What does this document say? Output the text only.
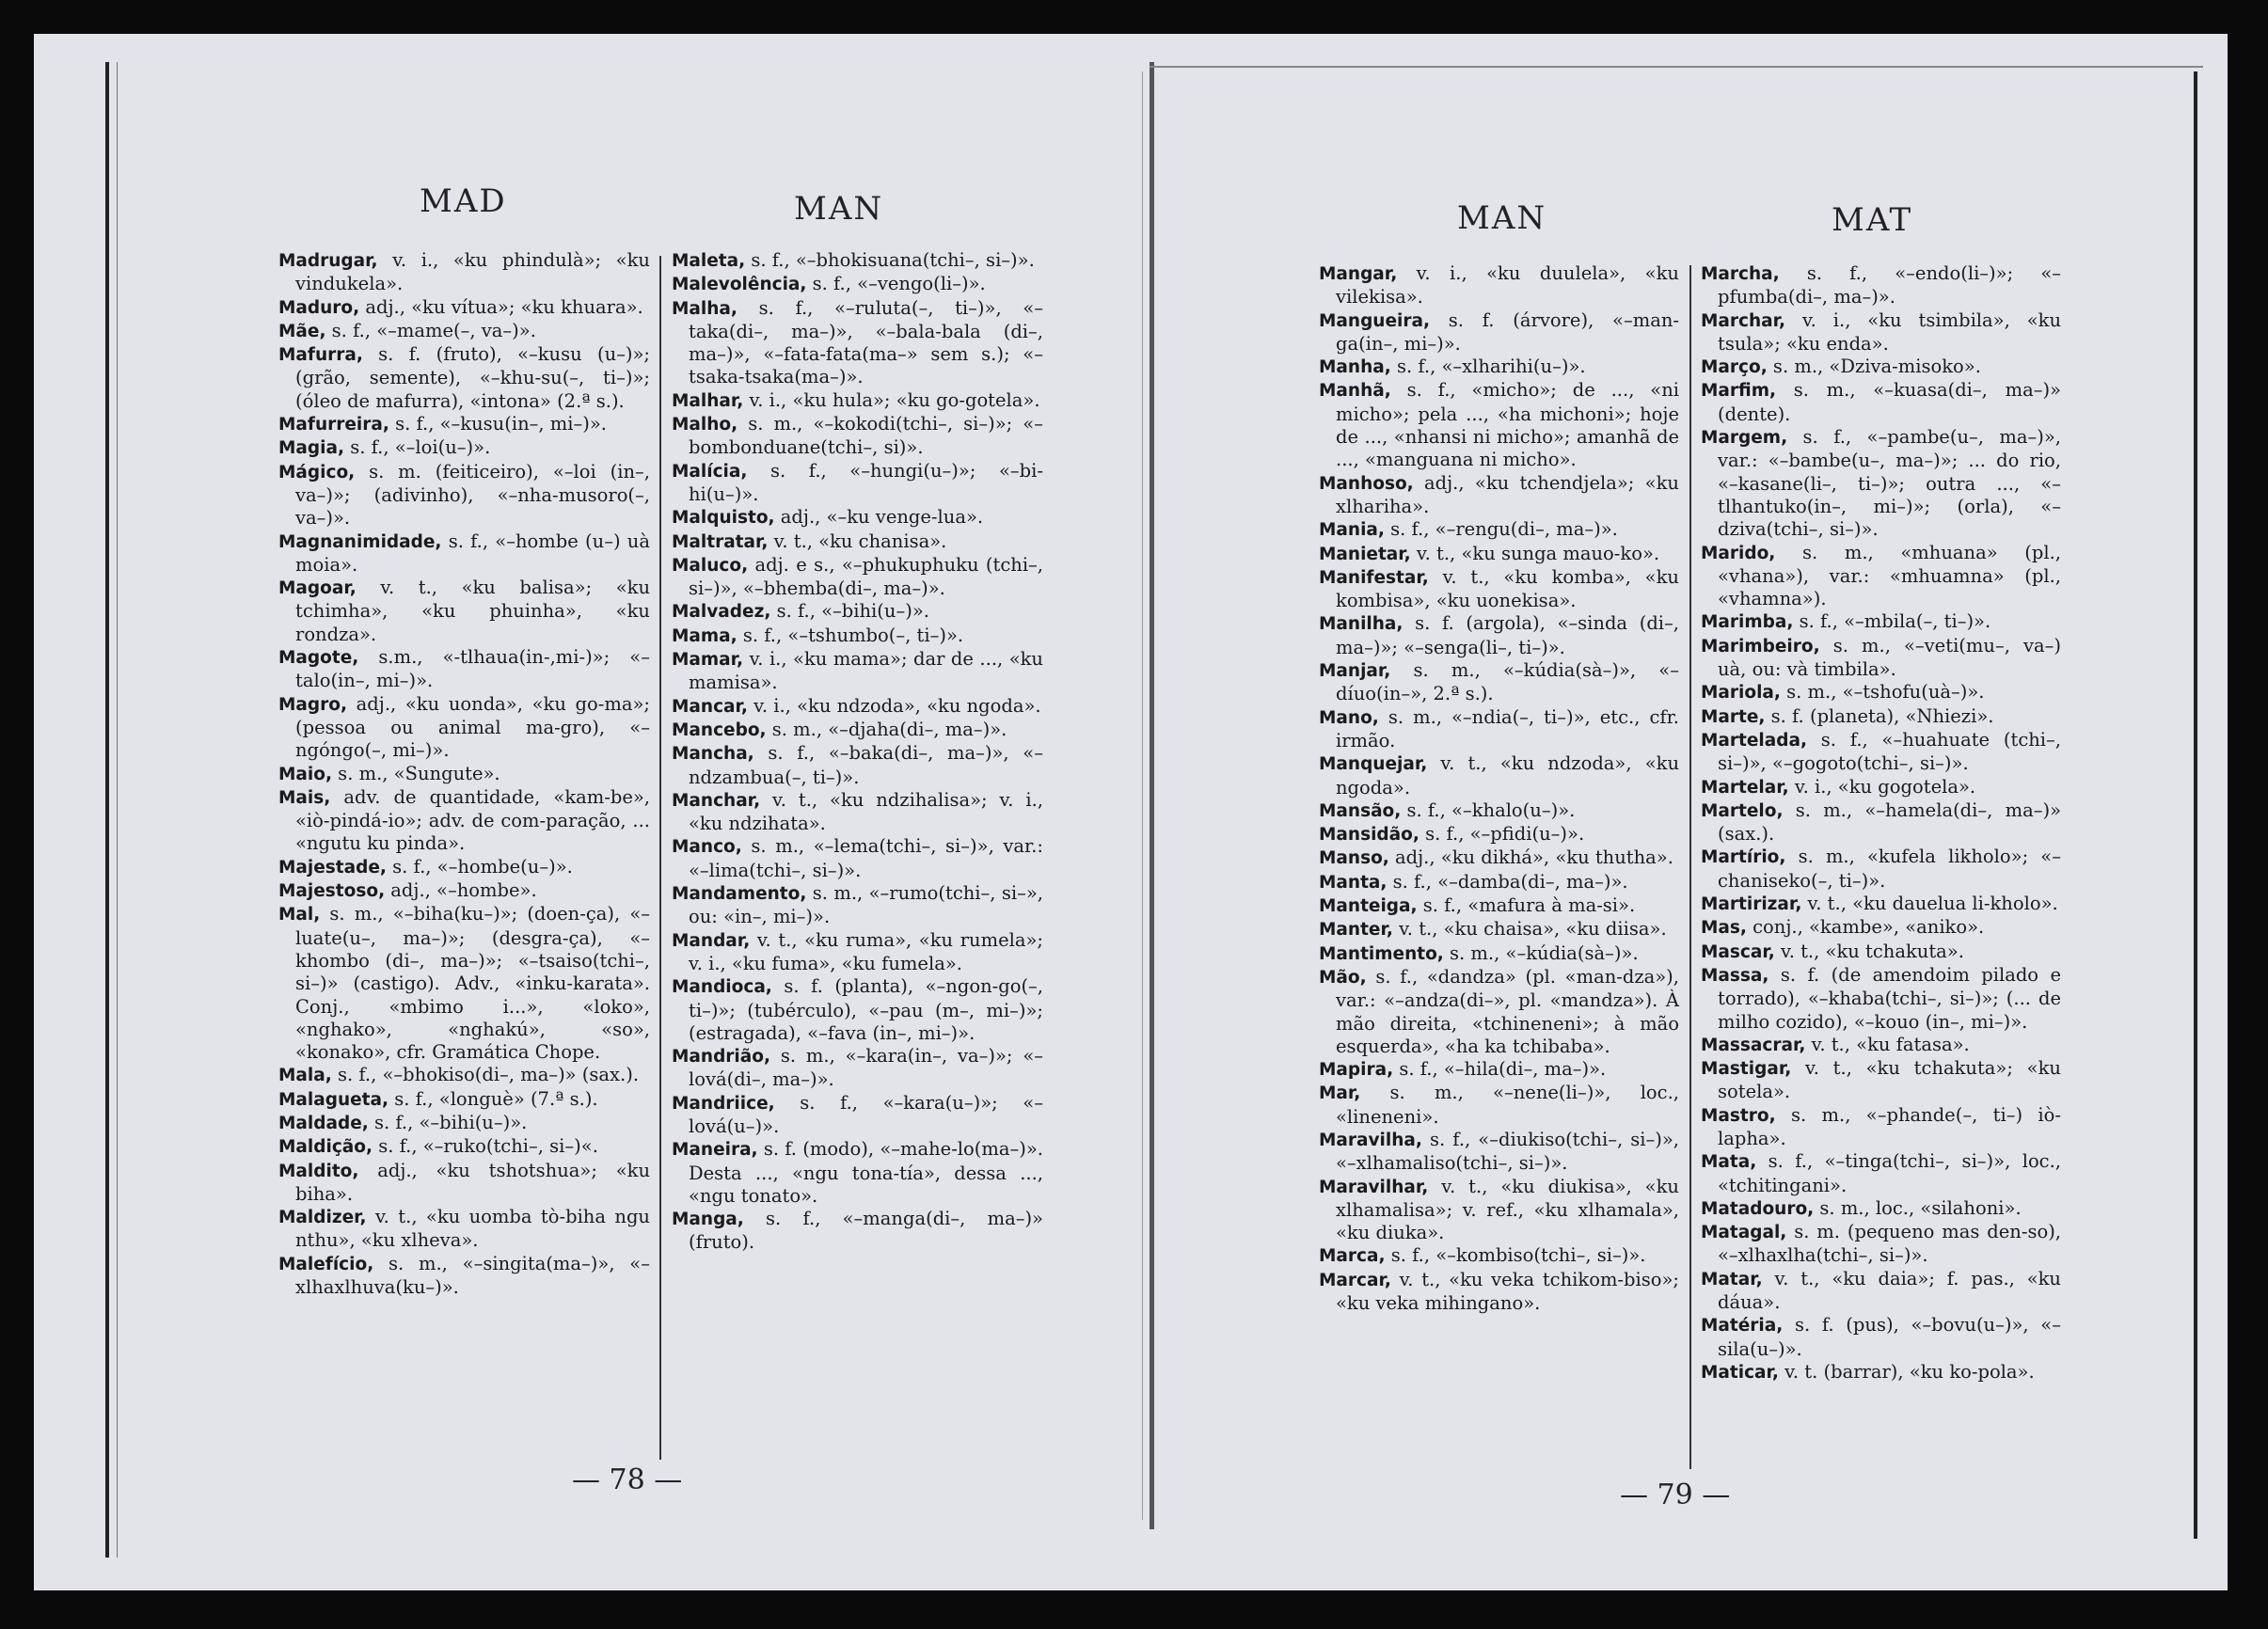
MAD	MAN

Madrugar, v. i., «ku phindulà»; «ku vindukela».

Maduro, adj., «ku vítua»; «ku khuara».

Mãe, s. f., «–mame(–, va–)».

Mafurra, s. f. (fruto), «–kusu (u–)»; (grão, semente), «–khu-su(–, ti–)»; (óleo de mafurra), «intona» (2.ª s.).

Mafurreira, s. f., «–kusu(in–, mi–)».

Magia, s. f., «–loi(u–)».

Mágico, s. m. (feiticeiro), «–loi (in–, va–)»; (adivinho), «–nha-musoro(–, va–)».

Magnanimidade, s. f., «–hombe (u–) uà moia».

Magoar, v. t., «ku balisa»; «ku tchimha», «ku phuinha», «ku rondza».

Magote, s.m., «-tlhaua(in-,mi-)»; «–talo(in–, mi–)».

Magro, adj., «ku uonda», «ku go-ma»; (pessoa ou animal ma-gro), «–ngóngo(–, mi–)».

Maio, s. m., «Sungute».

Mais, adv. de quantidade, «kam-be», «iò-pindá-io»; adv. de com-paração, ... «ngutu ku pinda».

Majestade, s. f., «–hombe(u–)».

Majestoso, adj., «–hombe».

Mal, s. m., «–biha(ku–)»; (doen-ça), «–luate(u–, ma–)»; (desgra-ça), «–khombo (di–, ma–)»; «–tsaiso(tchi–, si–)» (castigo). Adv., «inku-karata». Conj., «mbimo i...», «loko», «nghako», «nghakú», «so», «konako», cfr. Gramática Chope.

Mala, s. f., «–bhokiso(di–, ma–)» (sax.).

Malagueta, s. f., «longuè» (7.ª s.).

Maldade, s. f., «–bihi(u–)».

Maldição, s. f., «–ruko(tchi–, si–)«.

Maldito, adj., «ku tshotshua»; «ku biha».

Maldizer, v. t., «ku uomba tò-biha ngu nthu», «ku xlheva».

Malefício, s. m., «–singita(ma–)», «–xlhaxlhuva(ku–)».

Maleta, s. f., «–bhokisuana(tchi–, si–)».

Malevolência, s. f., «–vengo(li–)».

Malha, s. f., «–ruluta(–, ti–)», «–taka(di–, ma–)», «–bala-bala (di–, ma–)», «–fata-fata(ma–» sem s.); «–tsaka-tsaka(ma–)».

Malhar, v. i., «ku hula»; «ku go-gotela».

Malho, s. m., «–kokodi(tchi–, si–)»; «–bombonduane(tchi–, si)».

Malícia, s. f., «–hungi(u–)»; «–bi-hi(u–)».

Malquisto, adj., «–ku venge-lua».

Maltratar, v. t., «ku chanisa».

Maluco, adj. e s., «–phukuphuku (tchi–, si–)», «–bhemba(di–, ma–)».

Malvadez, s. f., «–bihi(u–)».

Mama, s. f., «–tshumbo(–, ti–)».

Mamar, v. i., «ku mama»; dar de ..., «ku mamisa».

Mancar, v. i., «ku ndzoda», «ku ngoda».

Mancebo, s. m., «–djaha(di–, ma–)».

Mancha, s. f., «–baka(di–, ma–)», «–ndzambua(–, ti–)».

Manchar, v. t., «ku ndzihalisa»; v. i., «ku ndzihata».

Manco, s. m., «–lema(tchi–, si–)», var.: «–lima(tchi–, si–)».

Mandamento, s. m., «–rumo(tchi–, si–», ou: «in–, mi–)».

Mandar, v. t., «ku ruma», «ku rumela»; v. i., «ku fuma», «ku fumela».

Mandioca, s. f. (planta), «–ngon-go(–, ti–)»; (tubérculo), «–pau (m–, mi–)»; (estragada), «–fava (in–, mi–)».

Mandrião, s. m., «–kara(in–, va–)»; «–lová(di–, ma–)».

Mandriice, s. f., «–kara(u–)»; «–lová(u–)».

Maneira, s. f. (modo), «–mahe-lo(ma–)». Desta ..., «ngu tona-tía», dessa ..., «ngu tonato».

Manga, s. f., «–manga(di–, ma–)» (fruto).

— 78 —
MAN	MAT

Mangar, v. i., «ku duulela», «ku vilekisa».

Mangueira, s. f. (árvore), «–man-ga(in–, mi–)».

Manha, s. f., «–xlharihi(u–)».

Manhã, s. f., «micho»; de ..., «ni micho»; pela ..., «ha michoni»; hoje de ..., «nhansi ni micho»; amanhã de ..., «manguana ni micho».

Manhoso, adj., «ku tchendjela»; «ku xlhariha».

Mania, s. f., «–rengu(di–, ma–)».

Manietar, v. t., «ku sunga mauo-ko».

Manifestar, v. t., «ku komba», «ku kombisa», «ku uonekisa».

Manilha, s. f. (argola), «–sinda (di–, ma–)»; «–senga(li–, ti–)».

Manjar, s. m., «–kúdia(sà–)», «–díuo(in–», 2.ª s.).

Mano, s. m., «–ndia(–, ti–)», etc., cfr. irmão.

Manquejar, v. t., «ku ndzoda», «ku ngoda».

Mansão, s. f., «–khalo(u–)».

Mansidão, s. f., «–pfidi(u–)».

Manso, adj., «ku dikhá», «ku thutha».

Manta, s. f., «–damba(di–, ma–)».

Manteiga, s. f., «mafura à ma-si».

Manter, v. t., «ku chaisa», «ku diisa».

Mantimento, s. m., «–kúdia(sà–)».

Mão, s. f., «dandza» (pl. «man-dza»), var.: «–andza(di–», pl. «mandza»). À mão direita, «tchineneni»; à mão esquerda», «ha ka tchibaba».

Mapira, s. f., «–hila(di–, ma–)».

Mar, s. m., «–nene(li–)», loc., «lineneni».

Maravilha, s. f., «–diukiso(tchi–, si–)», «–xlhamaliso(tchi–, si–)».

Maravilhar, v. t., «ku diukisa», «ku xlhamalisa»; v. ref., «ku xlhamala», «ku diuka».

Marca, s. f., «–kombiso(tchi–, si–)».

Marcar, v. t., «ku veka tchikom-biso»; «ku veka mihingano».

Marcha, s. f., «–endo(li–)»; «–pfumba(di–, ma–)».

Marchar, v. i., «ku tsimbila», «ku tsula»; «ku enda».

Março, s. m., «Dziva-misoko».

Marfim, s. m., «–kuasa(di–, ma–)» (dente).

Margem, s. f., «–pambe(u–, ma–)», var.: «–bambe(u–, ma–)»; ... do rio, «–kasane(li–, ti–)»; outra ..., «–tlhantuko(in–, mi–)»; (orla), «–dziva(tchi–, si–)».

Marido, s. m., «mhuana» (pl., «vhana»), var.: «mhuamna» (pl., «vhamna»).

Marimba, s. f., «–mbila(–, ti–)».

Marimbeiro, s. m., «–veti(mu–, va–) uà, ou: và timbila».

Mariola, s. m., «–tshofu(uà–)».

Marte, s. f. (planeta), «Nhiezi».

Martelada, s. f., «–huahuate (tchi–, si–)», «–gogoto(tchi–, si–)».

Martelar, v. i., «ku gogotela».

Martelo, s. m., «–hamela(di–, ma–)» (sax.).

Martírio, s. m., «kufela likholo»; «–chaniseko(–, ti–)».

Martirizar, v. t., «ku dauelua li-kholo».

Mas, conj., «kambe», «aniko».

Mascar, v. t., «ku tchakuta».

Massa, s. f. (de amendoim pilado e torrado), «–khaba(tchi–, si–)»; (... de milho cozido), «–kouo (in–, mi–)».

Massacrar, v. t., «ku fatasa».

Mastigar, v. t., «ku tchakuta»; «ku sotela».

Mastro, s. m., «–phande(–, ti–) iò-lapha».

Mata, s. f., «–tinga(tchi–, si–)», loc., «tchitingani».

Matadouro, s. m., loc., «silahoni».

Matagal, s. m. (pequeno mas den-so), «–xlhaxlha(tchi–, si–)».

Matar, v. t., «ku daia»; f. pas., «ku dáua».

Matéria, s. f. (pus), «–bovu(u–)», «–sila(u–)».

Maticar, v. t. (barrar), «ku ko-pola».

— 79 —
